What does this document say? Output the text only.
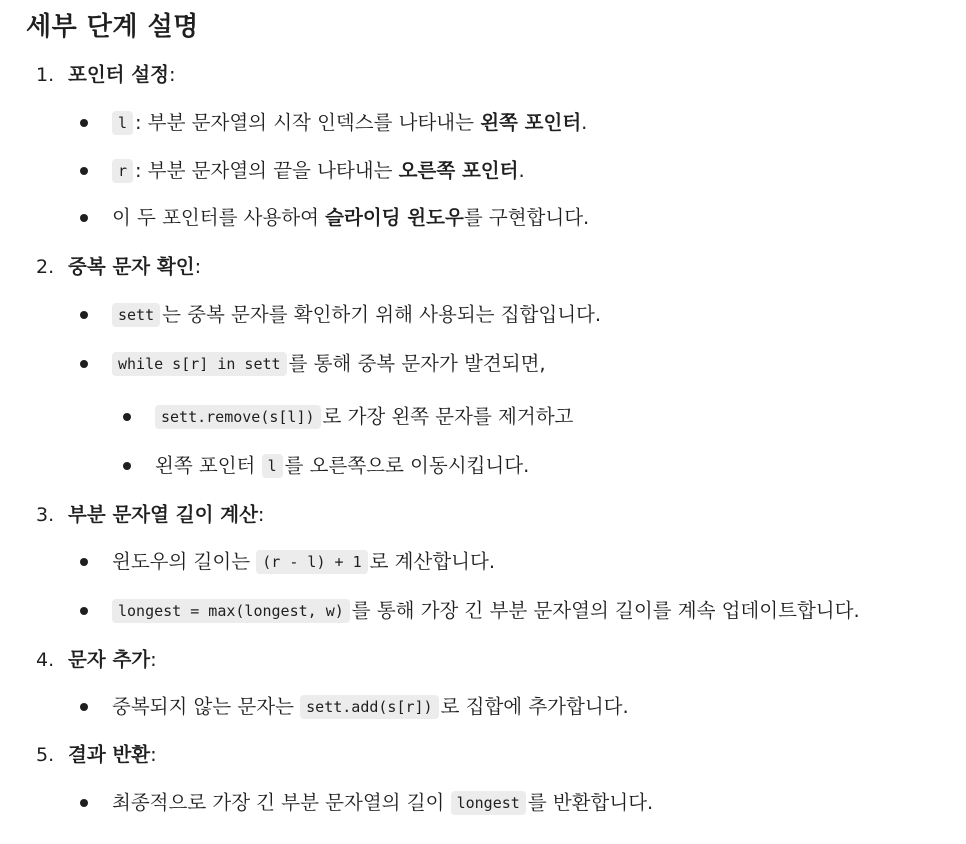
세부 단계 설명
1. 포인터 설정:
l : 부분 문자열의 시작 인덱스를 나타내는 왼쪽 포인터.
r : 부분 문자열의 끝을 나타내는 오른쪽 포인터.
이 두 포인터를 사용하여 슬라이딩 윈도우를 구현합니다.
2. 중복 문자 확인:
sett 는 중복 문자를 확인하기 위해 사용되는 집합입니다.
while s[r] in sett 를 통해 중복 문자가 발견되면,
sett.remove(s[l]) 로 가장 왼쪽 문자를 제거하고
왼쪽 포인터 l 를 오른쪽으로 이동시킵니다.
3. 부분 문자열 길이 계산:
윈도우의 길이는 (r - l) + 1 로 계산합니다.
longest = max(longest, w) 를 통해 가장 긴 부분 문자열의 길이를 계속 업데이트합니다.
4. 문자 추가:
중복되지 않는 문자는 sett.add(s[r]) 로 집합에 추가합니다.
5. 결과 반환:
최종적으로 가장 긴 부분 문자열의 길이 longest 를 반환합니다.
